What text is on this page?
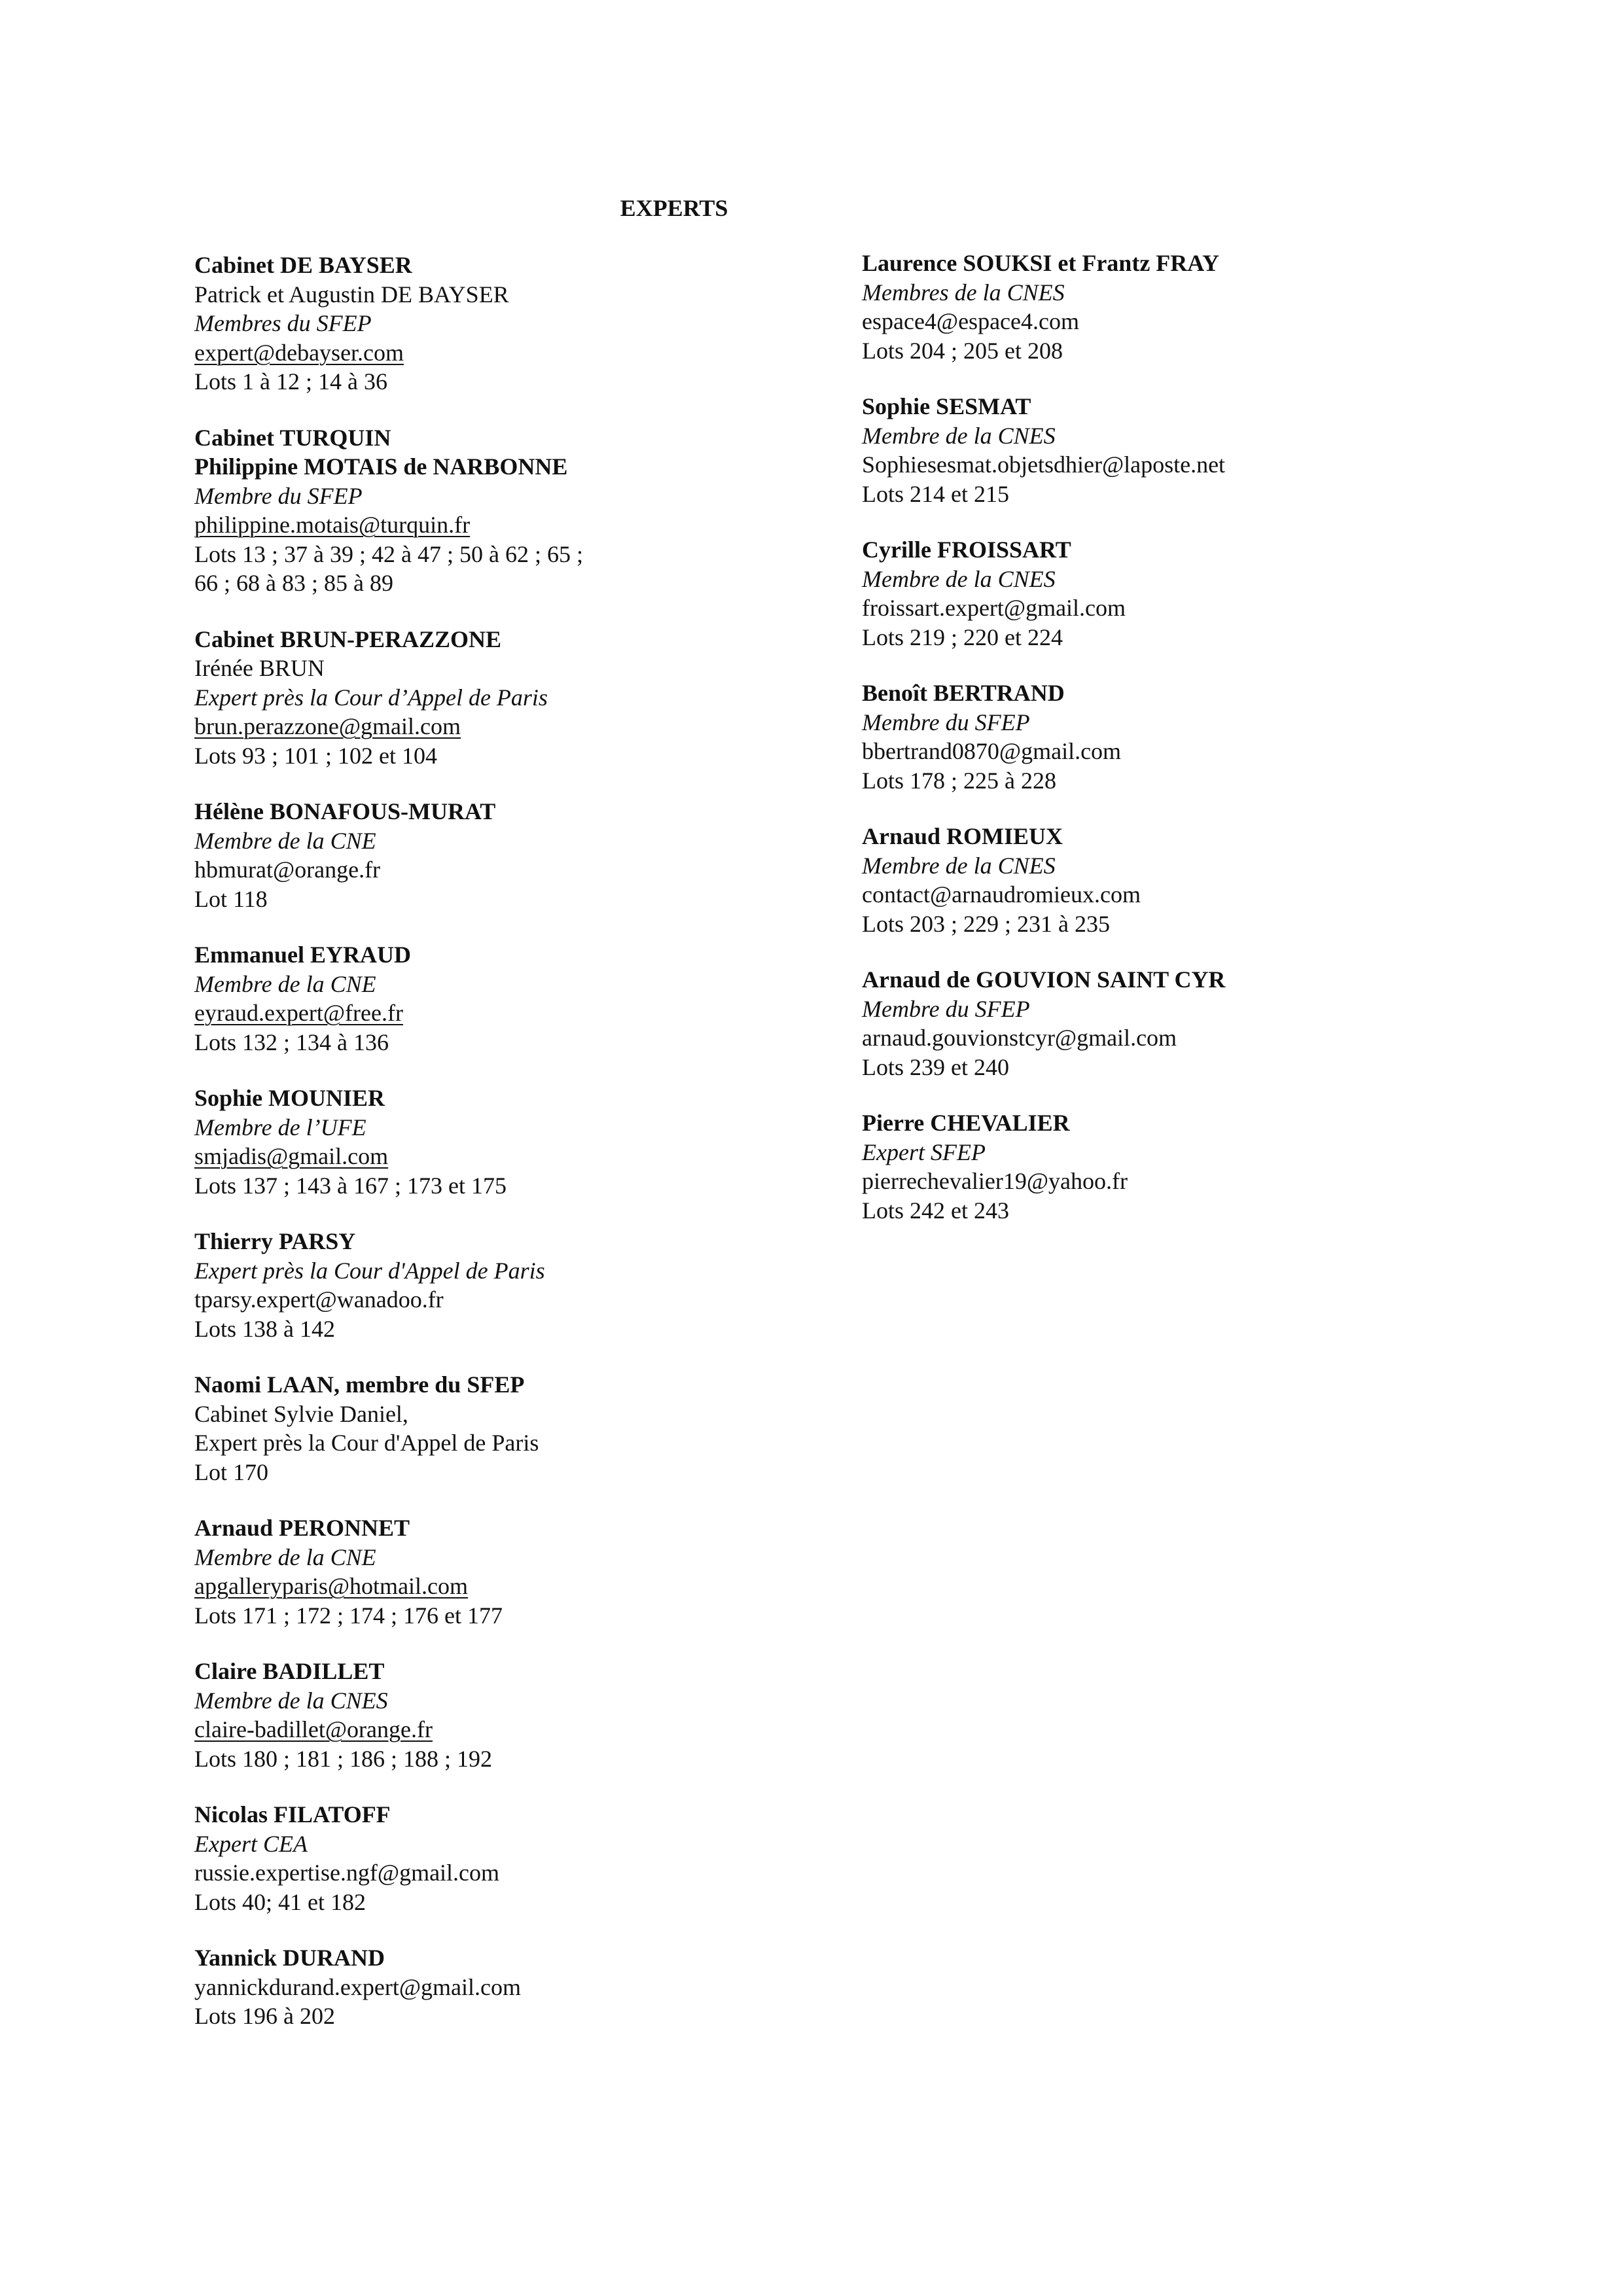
EXPERTS
Cabinet DE BAYSER
Patrick et Augustin DE BAYSER
Membres du SFEP
expert@debayser.com
Lots 1 à 12 ; 14 à 36
Cabinet TURQUIN
Philippine MOTAIS de NARBONNE
Membre du SFEP
philippine.motais@turquin.fr
Lots 13 ; 37 à 39 ; 42 à 47 ; 50 à 62 ; 65 ;
66 ; 68 à 83 ; 85 à 89
Cabinet BRUN-PERAZZONE
Irénée BRUN
Expert près la Cour d’Appel de Paris
brun.perazzone@gmail.com
Lots 93 ; 101 ; 102 et 104
Hélène BONAFOUS-MURAT
Membre de la CNE
hbmurat@orange.fr
Lot 118
Emmanuel EYRAUD
Membre de la CNE
eyraud.expert@free.fr
Lots 132 ; 134 à 136
Sophie MOUNIER
Membre de l’UFE
smjadis@gmail.com
Lots 137 ; 143 à 167 ; 173 et 175
Thierry PARSY
Expert près la Cour d'Appel de Paris
tparsy.expert@wanadoo.fr
Lots 138 à 142
Naomi LAAN, membre du SFEP
Cabinet Sylvie Daniel,
Expert près la Cour d'Appel de Paris
Lot 170
Arnaud PERONNET
Membre de la CNE
apgalleryparis@hotmail.com
Lots 171 ; 172 ; 174 ; 176 et 177
Claire BADILLET
Membre de la CNES
claire-badillet@orange.fr
Lots 180 ; 181 ; 186 ; 188 ; 192
Nicolas FILATOFF
Expert CEA
russie.expertise.ngf@gmail.com
Lots 40; 41 et 182
Yannick DURAND
yannickdurand.expert@gmail.com
Lots 196 à 202
Laurence SOUKSI et Frantz FRAY
Membres de la CNES
espace4@espace4.com
Lots 204 ; 205 et 208
Sophie SESMAT
Membre de la CNES
Sophiesesmat.objetsdhier@laposte.net
Lots 214 et 215
Cyrille FROISSART
Membre de la CNES
froissart.expert@gmail.com
Lots 219 ; 220 et 224
Benoît BERTRAND
Membre du SFEP
bbertrand0870@gmail.com
Lots 178 ; 225 à 228
Arnaud ROMIEUX
Membre de la CNES
contact@arnaudromieux.com
Lots 203 ; 229 ; 231 à 235
Arnaud de GOUVION SAINT CYR
Membre du SFEP
arnaud.gouvionstcyr@gmail.com
Lots 239 et 240
Pierre CHEVALIER
Expert SFEP
pierrechevalier19@yahoo.fr
Lots 242 et 243
